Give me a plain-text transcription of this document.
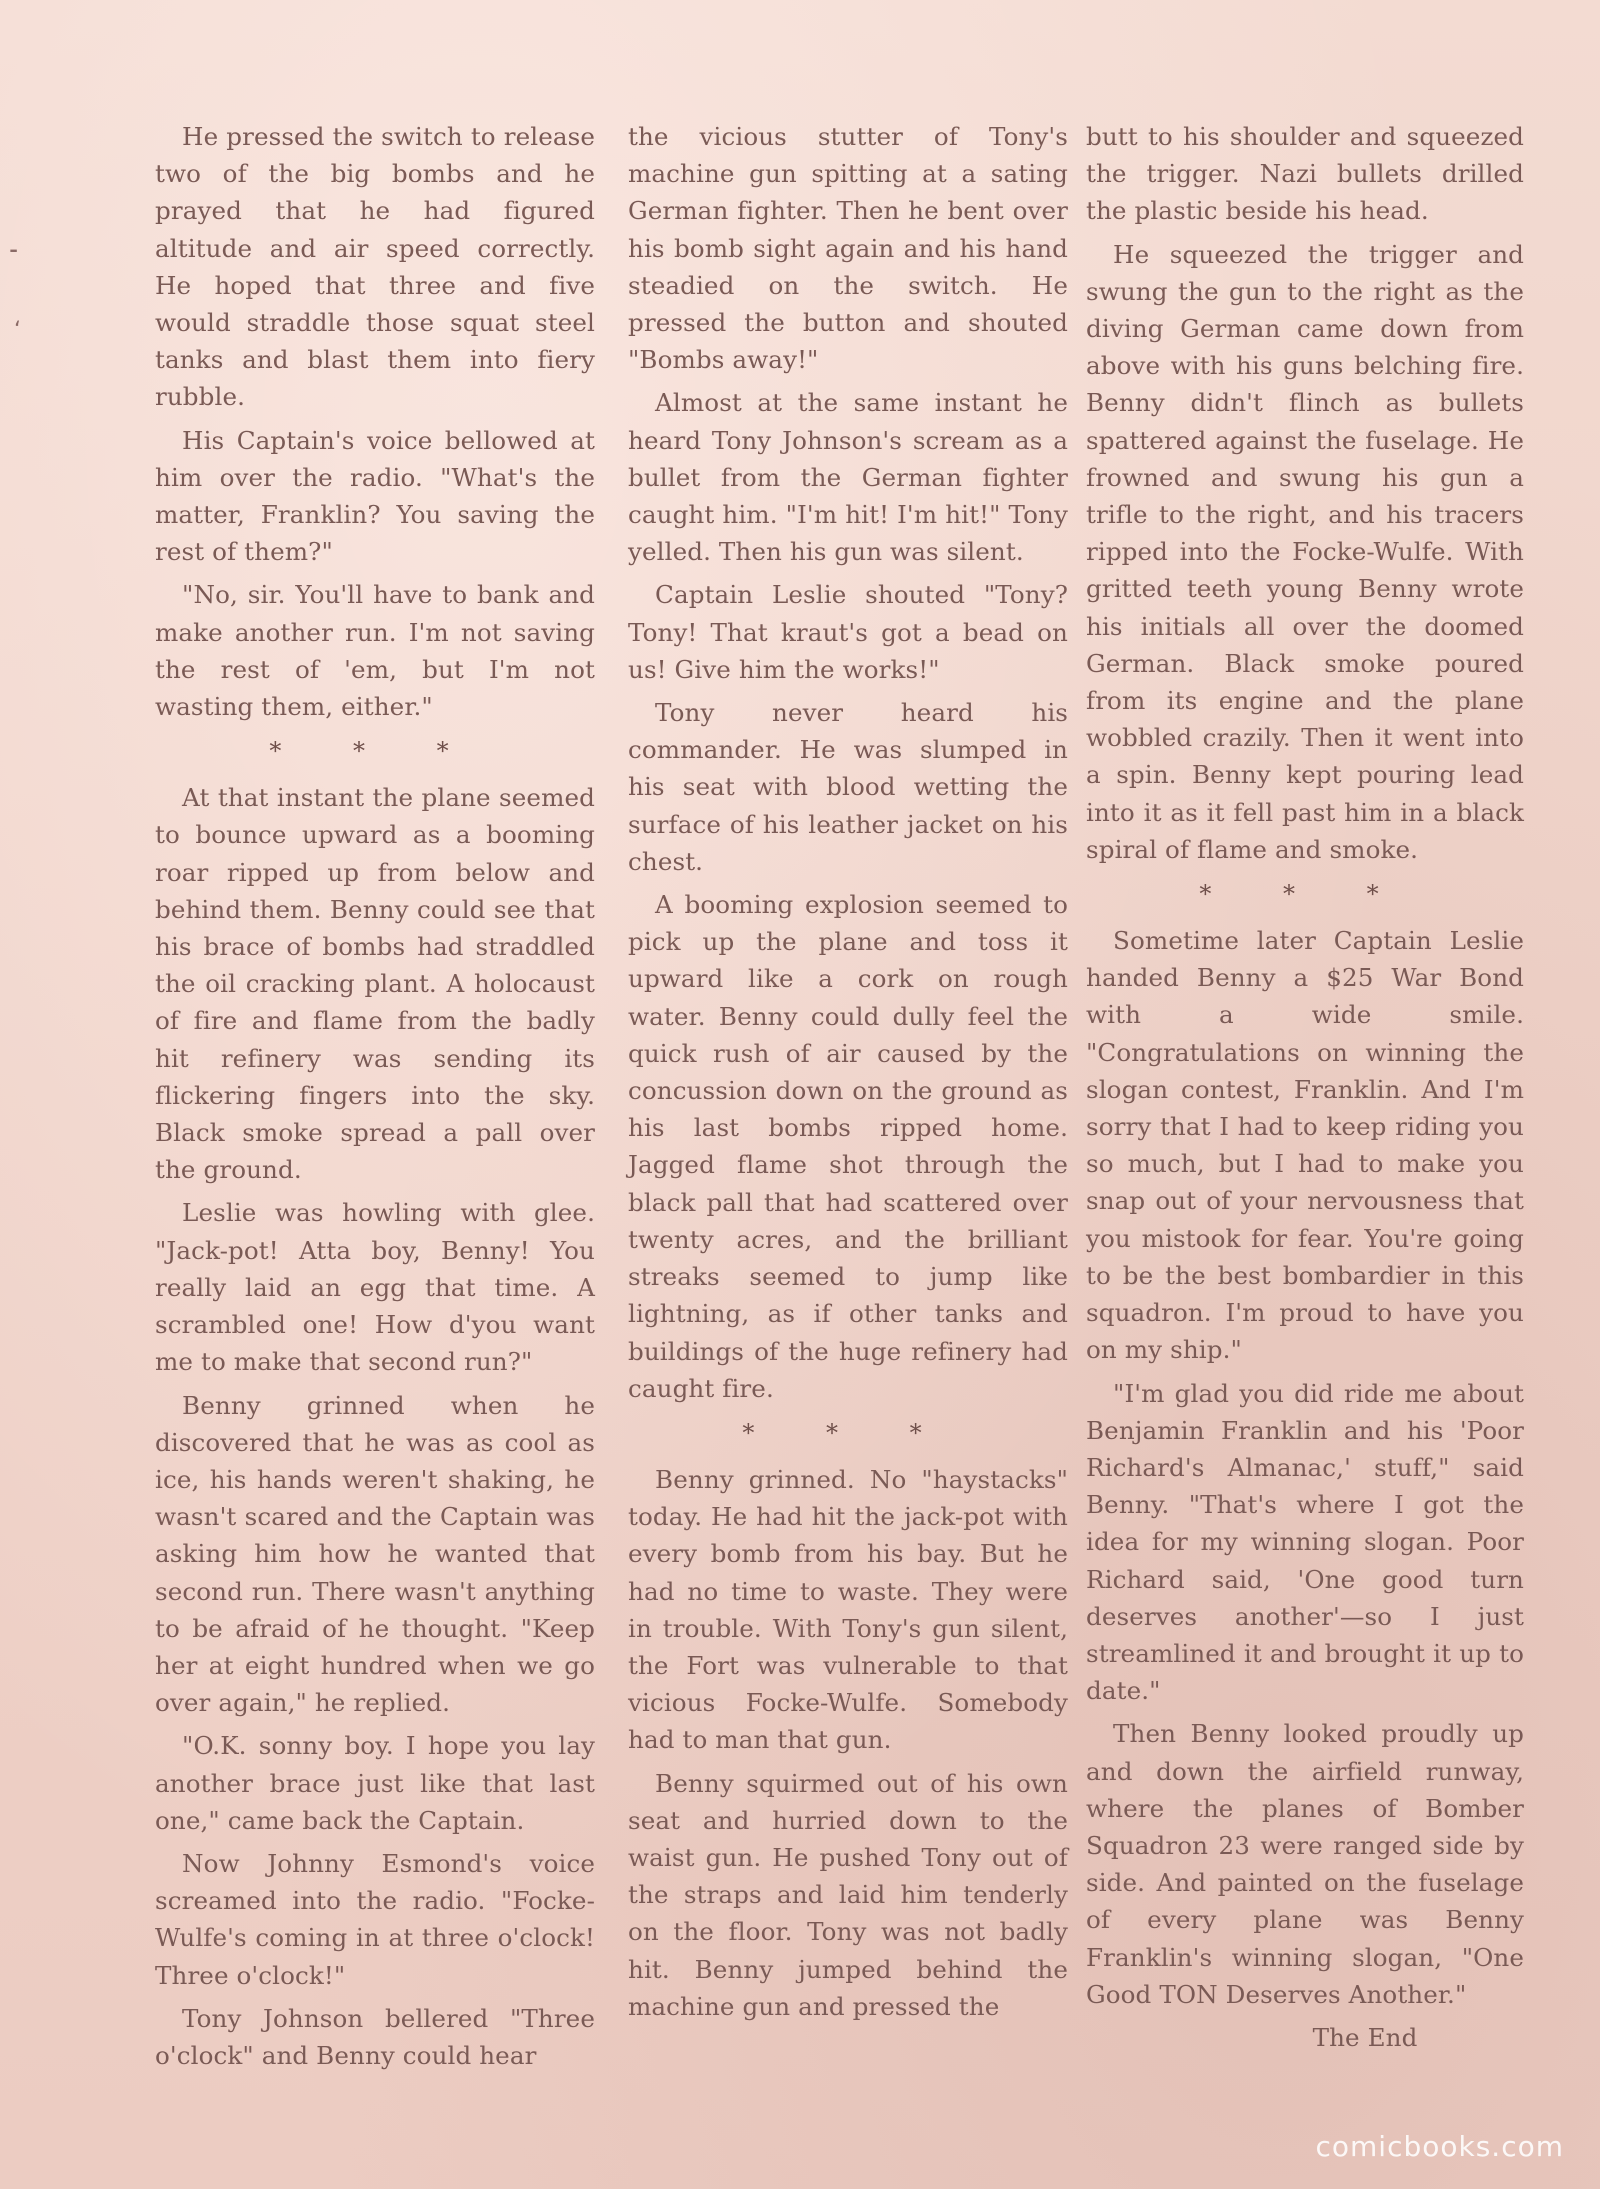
⁃
‘

He pressed the switch to release two of the big bombs and he prayed that he had figured altitude and air speed correctly. He hoped that three and five would straddle those squat steel tanks and blast them into fiery rubble.

His Captain's voice bellowed at him over the radio. "What's the matter, Franklin? You saving the rest of them?"

"No, sir. You'll have to bank and make another run. I'm not saving the rest of 'em, but I'm not wasting them, either."

* * *

At that instant the plane seemed to bounce upward as a booming roar ripped up from below and behind them. Benny could see that his brace of bombs had straddled the oil cracking plant. A holocaust of fire and flame from the badly hit refinery was sending its flickering fingers into the sky. Black smoke spread a pall over the ground.

Leslie was howling with glee. "Jack-pot! Atta boy, Benny! You really laid an egg that time. A scrambled one! How d'you want me to make that second run?"

Benny grinned when he discovered that he was as cool as ice, his hands weren't shaking, he wasn't scared and the Captain was asking him how he wanted that second run. There wasn't anything to be afraid of he thought. "Keep her at eight hundred when we go over again," he replied.

"O.K. sonny boy. I hope you lay another brace just like that last one," came back the Captain.

Now Johnny Esmond's voice screamed into the radio. "Focke-Wulfe's coming in at three o'clock! Three o'clock!"

Tony Johnson bellered "Three o'clock" and Benny could hear

the vicious stutter of Tony's machine gun spitting at a sating German fighter. Then he bent over his bomb sight again and his hand steadied on the switch. He pressed the button and shouted "Bombs away!"

Almost at the same instant he heard Tony Johnson's scream as a bullet from the German fighter caught him. "I'm hit! I'm hit!" Tony yelled. Then his gun was silent.

Captain Leslie shouted "Tony? Tony! That kraut's got a bead on us! Give him the works!"

Tony never heard his commander. He was slumped in his seat with blood wetting the surface of his leather jacket on his chest.

A booming explosion seemed to pick up the plane and toss it upward like a cork on rough water. Benny could dully feel the quick rush of air caused by the concussion down on the ground as his last bombs ripped home. Jagged flame shot through the black pall that had scattered over twenty acres, and the brilliant streaks seemed to jump like lightning, as if other tanks and buildings of the huge refinery had caught fire.

* * *

Benny grinned. No "haystacks" today. He had hit the jack-pot with every bomb from his bay. But he had no time to waste. They were in trouble. With Tony's gun silent, the Fort was vulnerable to that vicious Focke-Wulfe. Somebody had to man that gun.

Benny squirmed out of his own seat and hurried down to the waist gun. He pushed Tony out of the straps and laid him tenderly on the floor. Tony was not badly hit. Benny jumped behind the machine gun and pressed the

butt to his shoulder and squeezed the trigger. Nazi bullets drilled the plastic beside his head.

He squeezed the trigger and swung the gun to the right as the diving German came down from above with his guns belching fire. Benny didn't flinch as bullets spattered against the fuselage. He frowned and swung his gun a trifle to the right, and his tracers ripped into the Focke-Wulfe. With gritted teeth young Benny wrote his initials all over the doomed German. Black smoke poured from its engine and the plane wobbled crazily. Then it went into a spin. Benny kept pouring lead into it as it fell past him in a black spiral of flame and smoke.

* * *

Sometime later Captain Leslie handed Benny a $25 War Bond with a wide smile. "Congratulations on winning the slogan contest, Franklin. And I'm sorry that I had to keep riding you so much, but I had to make you snap out of your nervousness that you mistook for fear. You're going to be the best bombardier in this squadron. I'm proud to have you on my ship."

"I'm glad you did ride me about Benjamin Franklin and his 'Poor Richard's Almanac,' stuff," said Benny. "That's where I got the idea for my winning slogan. Poor Richard said, 'One good turn deserves another'—so I just streamlined it and brought it up to date."

Then Benny looked proudly up and down the airfield runway, where the planes of Bomber Squadron 23 were ranged side by side. And painted on the fuselage of every plane was Benny Franklin's winning slogan, "One Good TON Deserves Another."

The End
comicbooks.com
